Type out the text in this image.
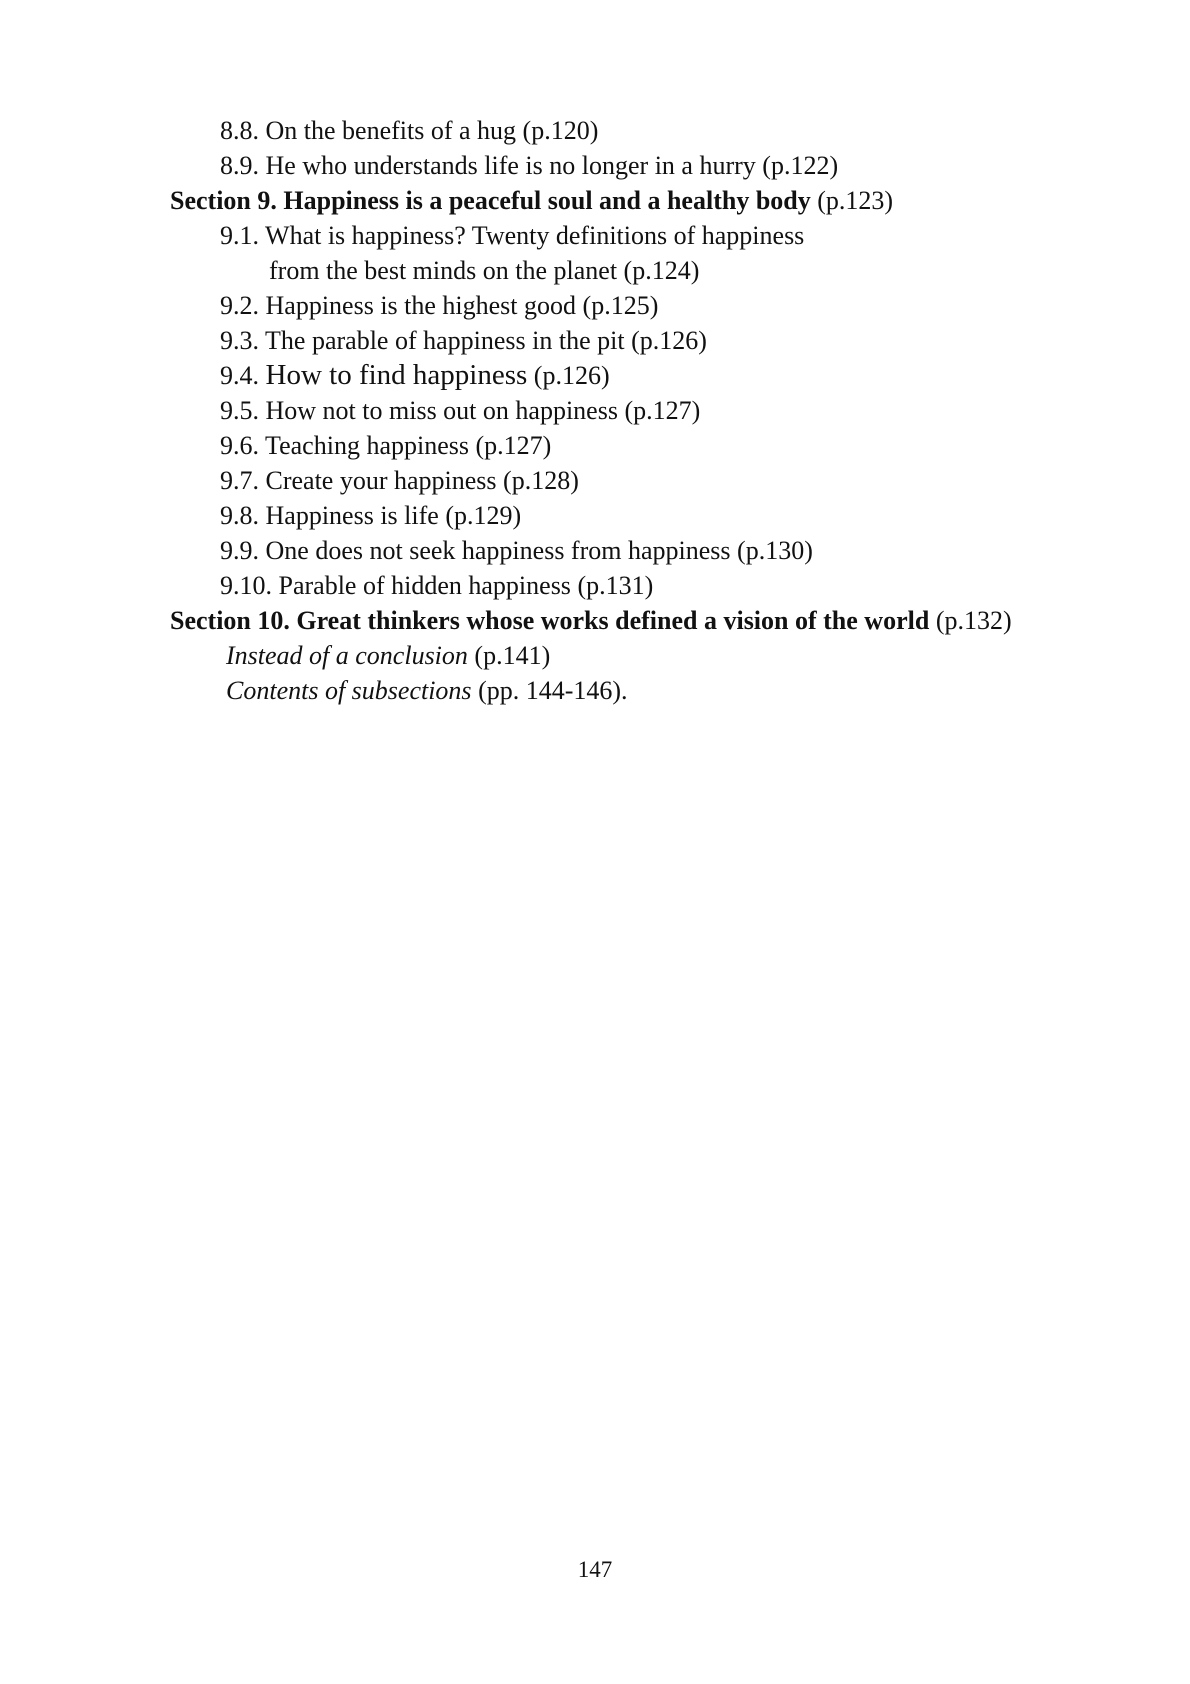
8.8. On the benefits of a hug (p.120)
8.9. He who understands life is no longer in a hurry (p.122)
Section 9. Happiness is a peaceful soul and a healthy body (p.123)
9.1. What is happiness? Twenty definitions of happiness
from the best minds on the planet (p.124)
9.2. Happiness is the highest good (p.125)
9.3. The parable of happiness in the pit (p.126)
9.4. How to find happiness (p.126)
9.5. How not to miss out on happiness (p.127)
9.6. Teaching happiness (p.127)
9.7. Create your happiness (p.128)
9.8. Happiness is life (p.129)
9.9. One does not seek happiness from happiness (p.130)
9.10. Parable of hidden happiness (p.131)
Section 10. Great thinkers whose works defined a vision of the world (p.132)
Instead of a conclusion (p.141)
Contents of subsections (pp. 144-146).
147
